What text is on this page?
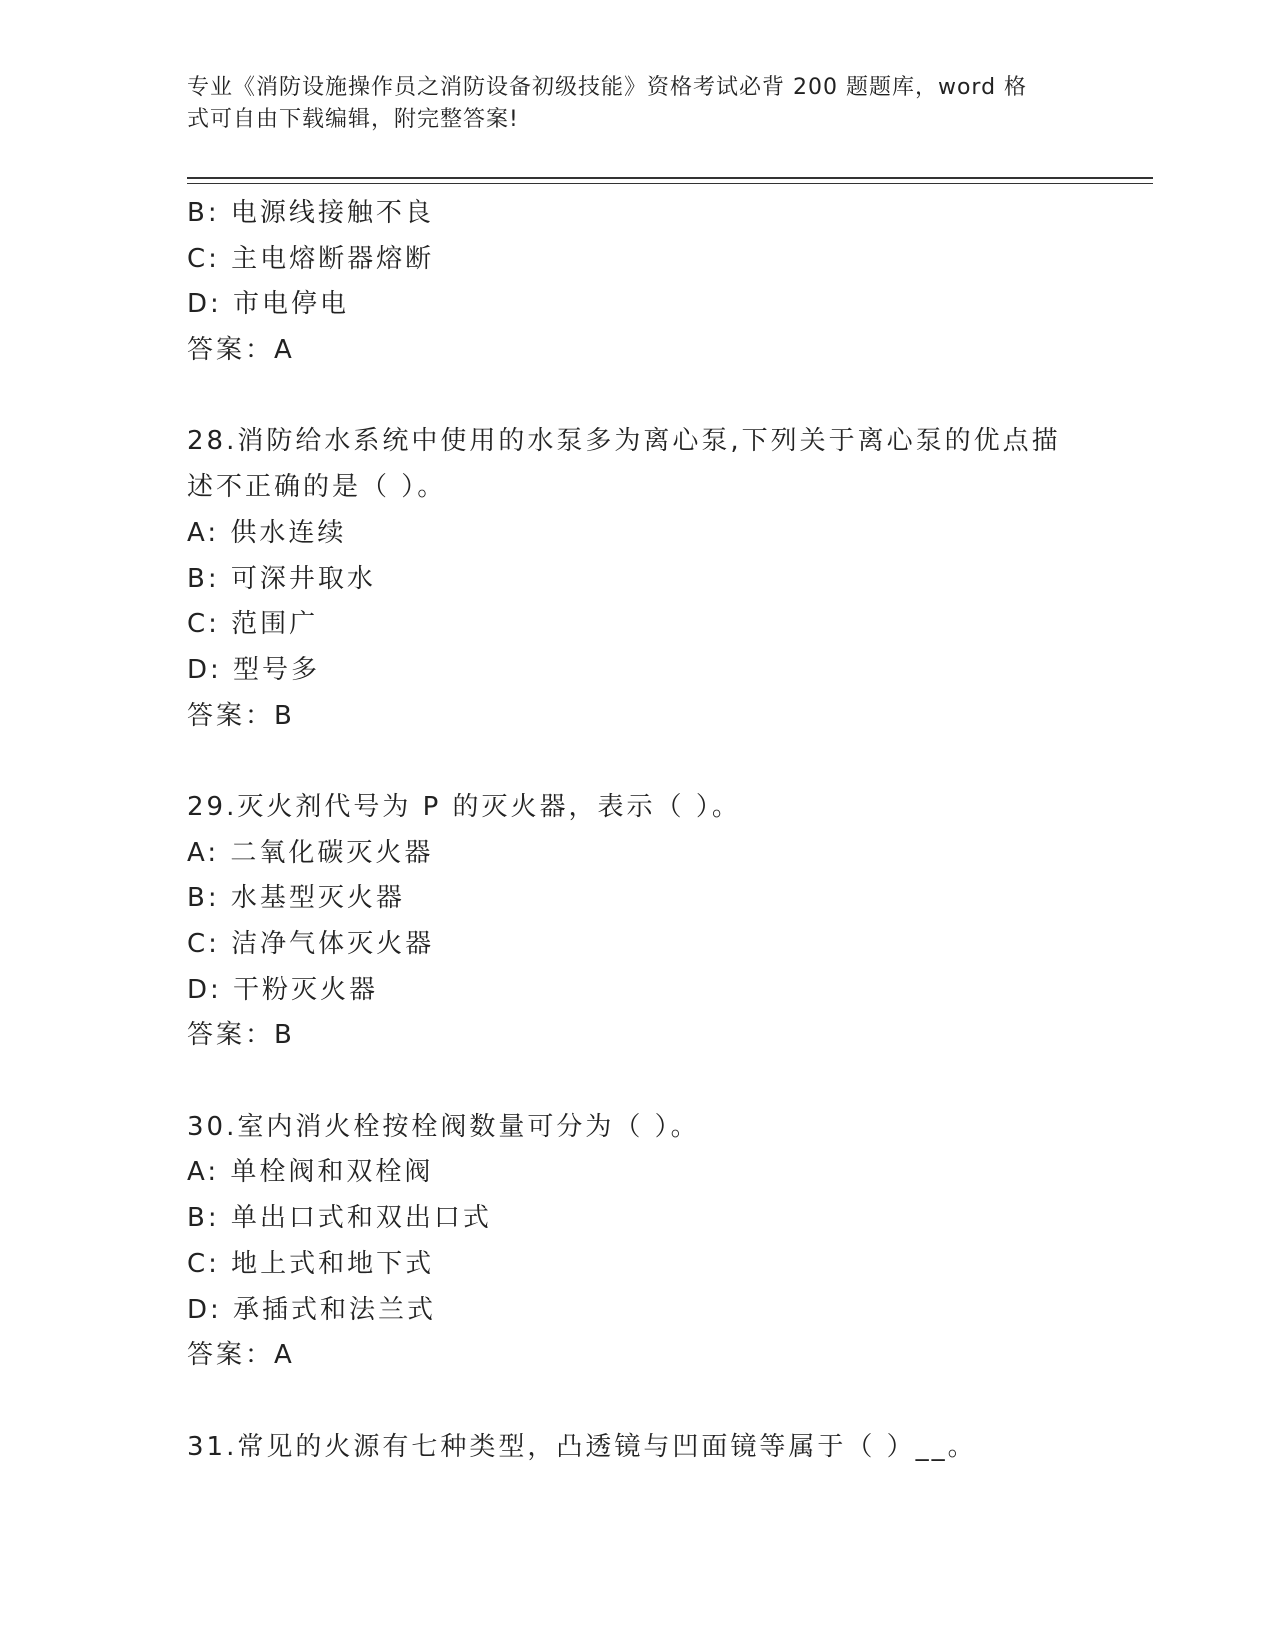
专业《消防设施操作员之消防设备初级技能》资格考试必背 200 题题库，word 格
式可自由下载编辑，附完整答案!
B: 电源线接触不良
C: 主电熔断器熔断
D: 市电停电
答案：A
28.消防给水系统中使用的水泵多为离心泵,下列关于离心泵的优点描
述不正确的是（ ）。
A: 供水连续
B: 可深井取水
C: 范围广
D: 型号多
答案：B
29.灭火剂代号为 P 的灭火器，表示（ ）。
A: 二氧化碳灭火器
B: 水基型灭火器
C: 洁净气体灭火器
D: 干粉灭火器
答案：B
30.室内消火栓按栓阀数量可分为（ ）。
A: 单栓阀和双栓阀
B: 单出口式和双出口式
C: 地上式和地下式
D: 承插式和法兰式
答案：A
31.常见的火源有七种类型，凸透镜与凹面镜等属于（ ）__。
